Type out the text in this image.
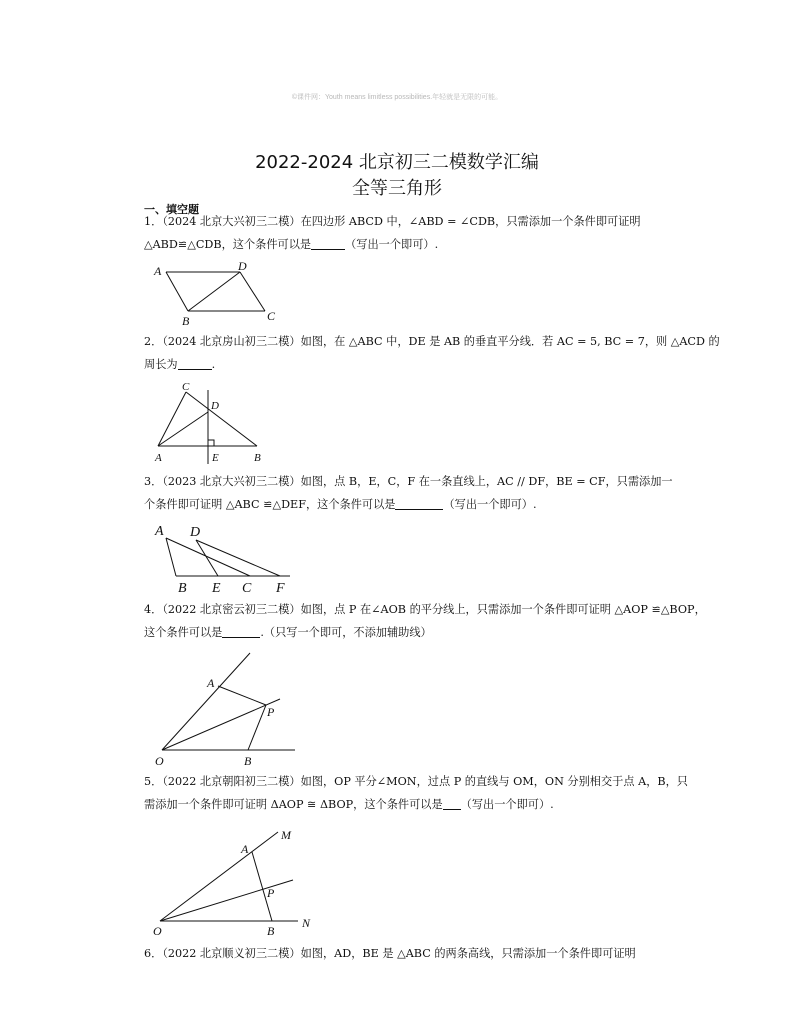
©课件网：Youth means limitless possibilities.年轻就是无限的可能。
2022-2024 北京初三二模数学汇编
全等三角形
一、填空题
1．（2024 北京大兴初三二模）在四边形 ABCD 中，∠ABD = ∠CDB，只需添加一个条件即可证明
△ABD≌△CDB，这个条件可以是	（写出一个即可）.
A	D
B	C
2．（2024 北京房山初三二模）如图，在 △ABC 中，DE 是 AB 的垂直平分线．若 AC = 5, BC = 7，则 △ACD 的
周长为	.
C
D
A	E	B
3．（2023 北京大兴初三二模）如图，点 B，E，C，F 在一条直线上，AC // DF，BE = CF，只需添加一
个条件即可证明 △ABC ≌△DEF，这个条件可以是	（写出一个即可）.
A D
B E C F
4．（2022 北京密云初三二模）如图，点 P 在∠AOB 的平分线上，只需添加一个条件即可证明 △AOP ≌△BOP，
这个条件可以是	.（只写一个即可，不添加辅助线）
A
P
O	B
5．（2022 北京朝阳初三二模）如图，OP 平分∠MON，过点 P 的直线与 OM，ON 分别相交于点 A，B，只
需添加一个条件即可证明 ΔAOP ≅ ΔBOP，这个条件可以是 （写出一个即可）.
M
A
P
O	B
N
6．（2022 北京顺义初三二模）如图，AD，BE 是 △ABC 的两条高线，只需添加一个条件即可证明
